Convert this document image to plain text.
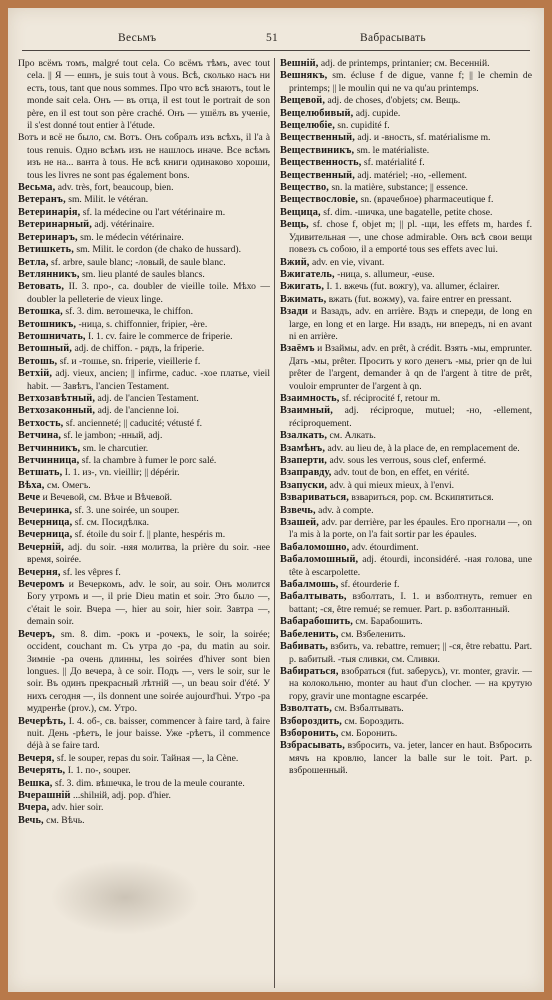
Весьмъ	51	Вабрасывать

Про всёмъ томъ, malgré tout cela. Со всёмъ тѣмъ, avec tout cela. || Я — ешнъ, je suis tout à vous. Всѣ, сколько насъ ни есть, tous, tant que nous sommes. Про что всѣ знаютъ, tout le monde sait cela. Онъ — въ отца, il est tout le portrait de son père, en il est tout son père craché. Онъ — ушёлъ въ ученіе, il s'est donné tout entier à l'étude.

Вотъ и всё не было, см. Вотъ. Онъ собралъ изъ всѣхъ, il l'a à tous renuis. Одно всѣмъ изъ не нашлось иначе. Все всѣмъ изъ не на... ванта à tous. Не всѣ книги одинаково хороши, tous les livres ne sont pas également bons.

Весьма, adv. très, fort, beaucoup, bien.

Ветеранъ, sm. Milit. le vétéran.

Ветеринарія, sf. la médecine ou l'art vétérinaire m.

Ветеринарный, adj. vétérinaire.

Ветеринаръ, sm. le médecin vétérinaire.

Ветишкеть, sm. Milit. le cordon (de chako de hussard).

Ветла, sf. arbre, saule blanc; -ловый, de saule blanc.

Ветлянникъ, sm. lieu planté de saules blancs.

Ветовать, II. 3. про-, ca. doubler de vieille toile. Мѣхо — doubler la pelleterie de vieux linge.

Ветошка, sf. 3. dim. ветошечка, le chiffon.

Ветошникъ, -ница, s. chiffonnier, fripier, -ère.

Ветошничать, I. 1. cv. faire le commerce de friperie.

Ветошный, adj. de chiffon. - рядъ, la friperie.

Ветошь, sf. и -тошье, sn. friperie, vieillerie f.

Ветхій, adj. vieux, ancien; || infirme, caduc. -хое платье, vieil habit. — Завѣтъ, l'ancien Testament.

Ветхозавѣтный, adj. de l'ancien Testament.

Ветхозаконный, adj. de l'ancienne loi.

Ветхость, sf. ancienneté; || caducité; vétusté f.

Ветчина, sf. le jambon; -нный, adj.

Ветчинникъ, sm. le charcutier.

Ветчинница, sf. la chambre à fumer le porc salé.

Ветшать, I. 1. из-, vn. vieillir; || dépérir.

Вѣха, см. Омегъ.

Вече и Вечевой, см. Вѣче и Вѣчевой.

Вечеринка, sf. 3. une soirée, un souper.

Вечерница, sf. см. Посидѣлка.

Вечерница, sf. étoile du soir f. || plante, hespéris m.

Вечерній, adj. du soir. -няя молитва, la prière du soir. -нее время, soirée.

Вечерня, sf. les vêpres f.

Вечеромъ и Вечеркомъ, adv. le soir, au soir. Онъ молится Богу утромъ и —, il prie Dieu matin et soir. Это было —, c'était le soir. Вчера —, hier au soir, hier soir. Завтра —, demain soir.

Вечеръ, sm. 8. dim. -рокъ и -рочекъ, le soir, la soirée; occident, couchant m. Съ утра до -ра, du matin au soir. Зимніе -ра очень длинны, les soirées d'hiver sont bien longues. || До вечера, à ce soir. Подъ —, vers le soir, sur le soir. Въ одинъ прекрасный лѣтній —, un beau soir d'été. У нихъ сегодня —, ils donnent une soirée aujourd'hui. Утро -ра мудренѣе (prov.), см. Утро.

Вечерѣть, I. 4. об-, св. baisser, commencer à faire tard, à faire nuit. День -рѣетъ, le jour baisse. Уже -рѣетъ, il commence déjà à se faire tard.

Вечеря, sf. le souper, repas du soir. Тайная —, la Cène.

Вечерять, I. 1. по-, souper.

Вешка, sf. 3. dim. вѣшечка, le trou de la meule courante.

Вчерашній ...shilній, adj. pop. d'hier.

Вчера, adv. hier soir.

Вечь, см. Вѣчь.

Вешній, adj. de printemps, printanier; см. Весенній.

Вешнякъ, sm. écluse f de digue, vanne f; || le chemin de printemps; || le moulin qui ne va qu'au printemps.

Вещевой, adj. de choses, d'objets; см. Вещь.

Вещелюбивый, adj. cupide.

Вещелюбіе, sn. cupidité f.

Вещественный, adj. и -вность, sf. matérialisme m.

Веществиникъ, sm. le matérialiste.

Вещественность, sf. matérialité f.

Вещественный, adj. matériel; -но, -ellement.

Вещество, sn. la matière, substance; || essence.

Веществословіе, sn. (врачебное) pharmaceutique f.

Вещица, sf. dim. -шичка, une bagatelle, petite chose.

Вещь, sf. chose f, objet m; || pl. -щи, les effets m, hardes f. Удивительная —, une chose admirable. Онъ всѣ свои вещи повезъ съ собою, il a emporté tous ses effets avec lui.

Вжий, adv. en vie, vivant.

Вжигатель, -ница, s. allumeur, -euse.

Вжигать, I. 1. вжечь (fut. вожгу), va. allumer, éclairer.

Вжимать, вжать (fut. вожму), va. faire entrer en pressant.

Взади и Вазадъ, adv. en arrière. Вздъ и спереди, de long en large, en long et en large. Ни взадъ, ни впередъ, ni en avant ni en arrière.

Взаёмъ и Взаймы, adv. en prêt, à crédit. Взять -мы, emprunter. Дать -мы, prêter. Просить у кого денегъ -мы, prier qn de lui prêter de l'argent, demander à qn de l'argent à titre de prêt, vouloir emprunter de l'argent à qn.

Взаимность, sf. réciprocité f, retour m.

Взаимный, adj. réciproque, mutuel; -но, -ellement, réciproquement.

Взалкать, см. Алкать.

Взамѣнъ, adv. au lieu de, à la place de, en remplacement de.

Взаперти, adv. sous les verrous, sous clef, enfermé.

Взаправду, adv. tout de bon, en effet, en vérité.

Взапуски, adv. à qui mieux mieux, à l'envi.

Взвариваться, взвариться, pop. см. Вскипятиться.

Взвечь, adv. à compte.

Взашей, adv. par derrière, par les épaules. Его прогнали —, on l'a mis à la porte, on l'a fait sortir par les épaules.

Вабаломошно, adv. étourdiment.

Вабаломошный, adj. étourdi, inconsidéré. -ная голова, une tête à escarpolette.

Вабалмошь, sf. étourderie f.

Вабалтывать, взболтать, I. 1. и взболтнуть, remuer en battant; -ся, être remué; se remuer. Part. p. взболтанный.

Вабарабошить, см. Барабошить.

Вабеленить, см. Взбеленить.

Вабивать, взбить, va. rebattre, remuer; || -ся, être rebattu. Part. p. вабитый. -тыя сливки, см. Сливки.

Вабираться, взобраться (fut. заберусь), vr. monter, gravir. — на колокольню, monter au haut d'un clocher. — на крутую гору, gravir une montagne escarpée.

Взволтать, см. Взбалтывать.

Взбороздить, см. Бороздить.

Взборонить, см. Боронить.

Взбрасывать, взбросить, va. jeter, lancer en haut. Взбросить мячъ на кровлю, lancer la balle sur le toit. Part. p. взброшенный.
